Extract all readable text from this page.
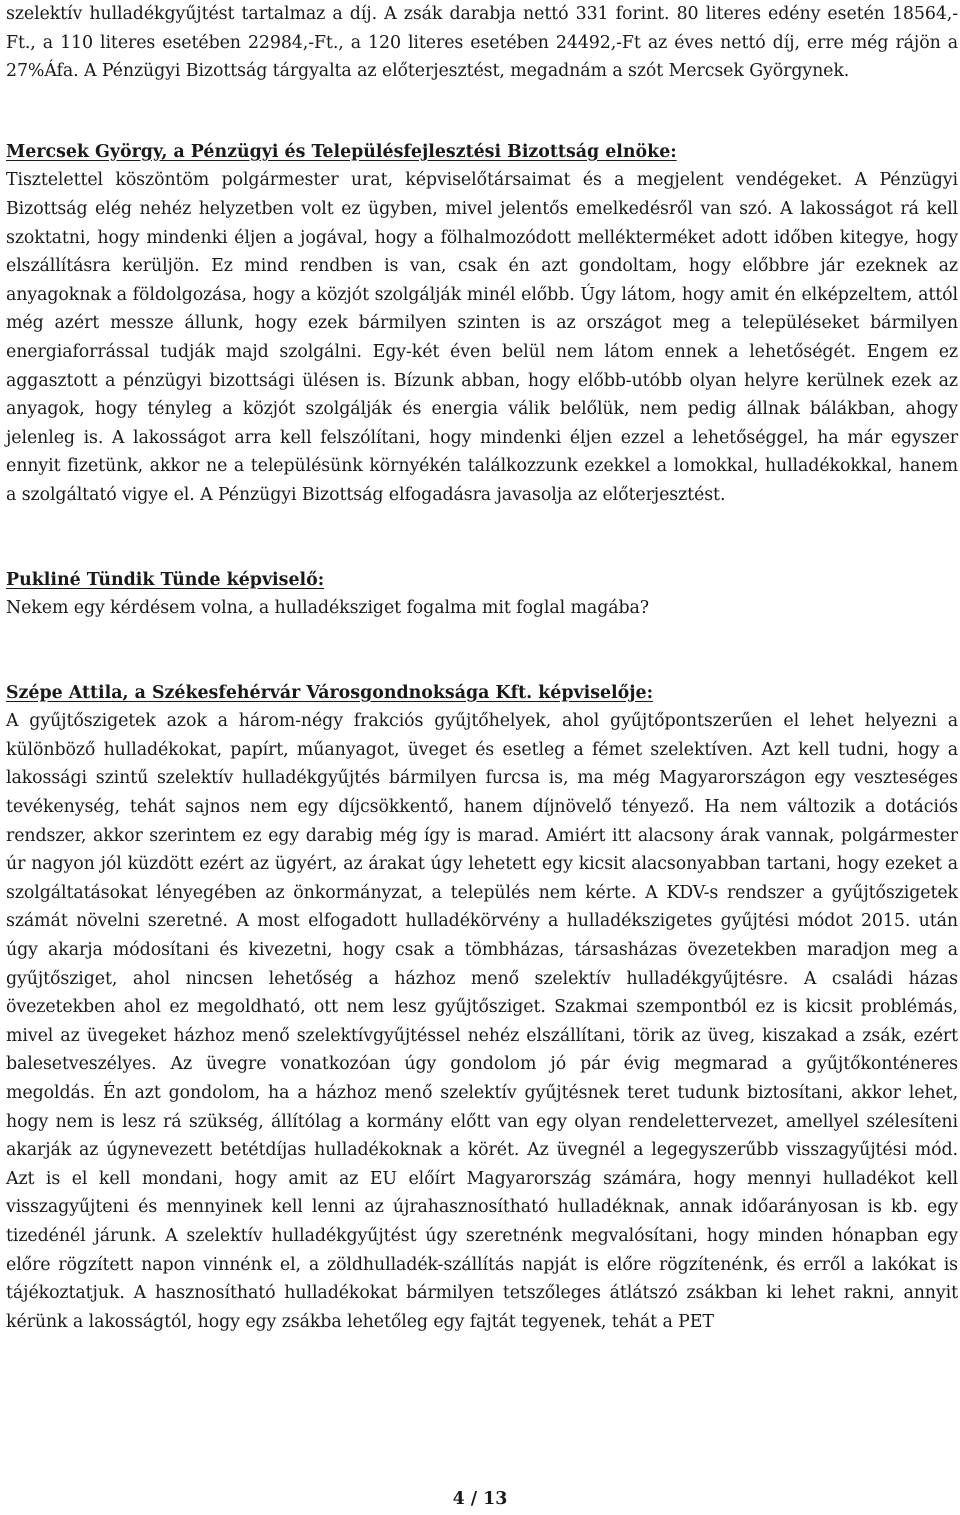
szelektív hulladékgyűjtést tartalmaz a díj. A zsák darabja nettó 331 forint. 80 literes edény esetén 18564,-Ft., a 110 literes esetében 22984,-Ft., a 120 literes esetében 24492,-Ft az éves nettó díj, erre még rájön a 27%Áfa. A Pénzügyi Bizottság tárgyalta az előterjesztést, megadnám a szót Mercsek Györgynek.

Mercsek György, a Pénzügyi és Településfejlesztési Bizottság elnöke:

Tisztelettel köszöntöm polgármester urat, képviselőtársaimat és a megjelent vendégeket. A Pénzügyi Bizottság elég nehéz helyzetben volt ez ügyben, mivel jelentős emelkedésről van szó. A lakosságot rá kell szoktatni, hogy mindenki éljen a jogával, hogy a fölhalmozódott mellékterméket adott időben kitegye, hogy elszállításra kerüljön. Ez mind rendben is van, csak én azt gondoltam, hogy előbbre jár ezeknek az anyagoknak a földolgozása, hogy a közjót szolgálják minél előbb. Úgy látom, hogy amit én elképzeltem, attól még azért messze állunk, hogy ezek bármilyen szinten is az országot meg a településeket bármilyen energiaforrással tudják majd szolgálni. Egy-két éven belül nem látom ennek a lehetőségét. Engem ez aggasztott a pénzügyi bizottsági ülésen is. Bízunk abban, hogy előbb-utóbb olyan helyre kerülnek ezek az anyagok, hogy tényleg a közjót szolgálják és energia válik belőlük, nem pedig állnak bálákban, ahogy jelenleg is. A lakosságot arra kell felszólítani, hogy mindenki éljen ezzel a lehetőséggel, ha már egyszer ennyit fizetünk, akkor ne a településünk környékén találkozzunk ezekkel a lomokkal, hulladékokkal, hanem a szolgáltató vigye el. A Pénzügyi Bizottság elfogadásra javasolja az előterjesztést.

Pukliné Tündik Tünde képviselő:

Nekem egy kérdésem volna, a hulladéksziget fogalma mit foglal magába?

Szépe Attila, a Székesfehérvár Városgondnoksága Kft. képviselője:

A gyűjtőszigetek azok a három-négy frakciós gyűjtőhelyek, ahol gyűjtőpontszerűen el lehet helyezni a különböző hulladékokat, papírt, műanyagot, üveget és esetleg a fémet szelektíven. Azt kell tudni, hogy a lakossági szintű szelektív hulladékgyűjtés bármilyen furcsa is, ma még Magyarországon egy veszteséges tevékenység, tehát sajnos nem egy díjcsökkentő, hanem díjnövelő tényező. Ha nem változik a dotációs rendszer, akkor szerintem ez egy darabig még így is marad. Amiért itt alacsony árak vannak, polgármester úr nagyon jól küzdött ezért az ügyért, az árakat úgy lehetett egy kicsit alacsonyabban tartani, hogy ezeket a szolgáltatásokat lényegében az önkormányzat, a település nem kérte. A KDV-s rendszer a gyűjtőszigetek számát növelni szeretné. A most elfogadott hulladékörvény a hulladékszigetes gyűjtési módot 2015. után úgy akarja módosítani és kivezetni, hogy csak a tömbházas, társasházas övezetekben maradjon meg a gyűjtősziget, ahol nincsen lehetőség a házhoz menő szelektív hulladékgyűjtésre. A családi házas övezetekben ahol ez megoldható, ott nem lesz gyűjtősziget. Szakmai szempontból ez is kicsit problémás, mivel az üvegeket házhoz menő szelektívgyűjtéssel nehéz elszállítani, törik az üveg, kiszakad a zsák, ezért balesetveszélyes. Az üvegre vonatkozóan úgy gondolom jó pár évig megmarad a gyűjtőkonténeres megoldás. Én azt gondolom, ha a házhoz menő szelektív gyűjtésnek teret tudunk biztosítani, akkor lehet, hogy nem is lesz rá szükség, állítólag a kormány előtt van egy olyan rendelettervezet, amellyel szélesíteni akarják az úgynevezett betétdíjas hulladékoknak a körét. Az üvegnél a legegyszerűbb visszagyűjtési mód. Azt is el kell mondani, hogy amit az EU előírt Magyarország számára, hogy mennyi hulladékot kell visszagyűjteni és mennyinek kell lenni az újrahasznosítható hulladéknak, annak időarányosan is kb. egy tizedénél járunk. A szelektív hulladékgyűjtést úgy szeretnénk megvalósítani, hogy minden hónapban egy előre rögzített napon vinnénk el, a zöldhulladék-szállítás napját is előre rögzítenénk, és erről a lakókat is tájékoztatjuk. A hasznosítható hulladékokat bármilyen tetszőleges átlátszó zsákban ki lehet rakni, annyit kérünk a lakosságtól, hogy egy zsákba lehetőleg egy fajtát tegyenek, tehát a PET

4 / 13
